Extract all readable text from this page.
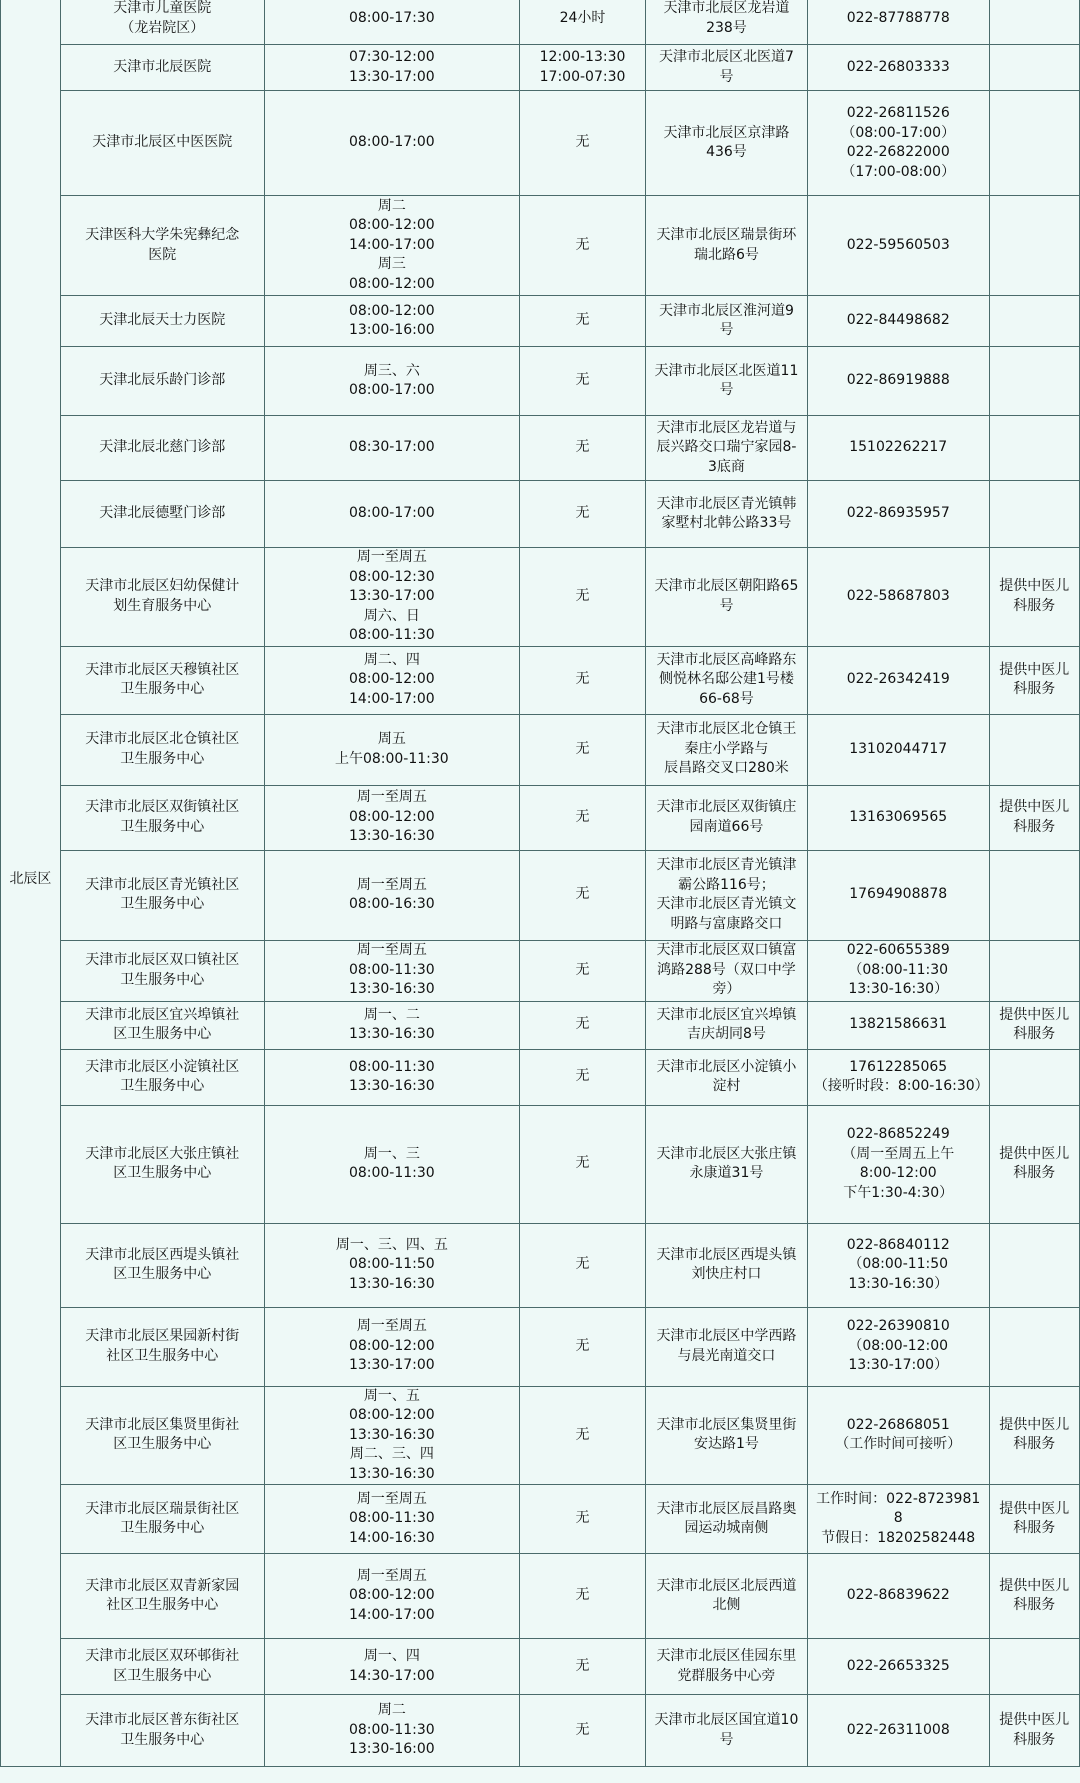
北辰区	天津市儿童医院
（龙岩院区）	08:00-17:30	24小时	天津市北辰区龙岩道
238号	022-87788778	
	天津市北辰医院	07:30-12:00
13:30-17:00	12:00-13:30
17:00-07:30	天津市北辰区北医道7
号	022-26803333	
	天津市北辰区中医医院	08:00-17:00	无	天津市北辰区京津路
436号	022-26811526
（08:00-17:00）
022-26822000
（17:00-08:00）	
	天津医科大学朱宪彝纪念
医院	周二
08:00-12:00
14:00-17:00
周三
08:00-12:00	无	天津市北辰区瑞景街环
瑞北路6号	022-59560503	
	天津北辰天士力医院	08:00-12:00
13:00-16:00	无	天津市北辰区淮河道9
号	022-84498682	
	天津北辰乐龄门诊部	周三、六
08:00-17:00	无	天津市北辰区北医道11
号	022-86919888	
	天津北辰北慈门诊部	08:30-17:00	无	天津市北辰区龙岩道与
辰兴路交口瑞宁家园8-
3底商	15102262217	
	天津北辰德墅门诊部	08:00-17:00	无	天津市北辰区青光镇韩
家墅村北韩公路33号	022-86935957	
	天津市北辰区妇幼保健计
划生育服务中心	周一至周五
08:00-12:30
13:30-17:00
周六、日
08:00-11:30	无	天津市北辰区朝阳路65
号	022-58687803	提供中医儿
科服务
	天津市北辰区天穆镇社区
卫生服务中心	周二、四
08:00-12:00
14:00-17:00	无	天津市北辰区高峰路东
侧悦林名邸公建1号楼
66-68号	022-26342419	提供中医儿
科服务
	天津市北辰区北仓镇社区
卫生服务中心	周五
上午08:00-11:30	无	天津市北辰区北仓镇王
秦庄小学路与
辰昌路交叉口280米	13102044717	
	天津市北辰区双街镇社区
卫生服务中心	周一至周五
08:00-12:00
13:30-16:30	无	天津市北辰区双街镇庄
园南道66号	13163069565	提供中医儿
科服务
	天津市北辰区青光镇社区
卫生服务中心	周一至周五
08:00-16:30	无	天津市北辰区青光镇津
霸公路116号；
天津市北辰区青光镇文
明路与富康路交口	17694908878	
	天津市北辰区双口镇社区
卫生服务中心	周一至周五
08:00-11:30
13:30-16:30	无	天津市北辰区双口镇富
鸿路288号（双口中学
旁）	022-60655389
（08:00-11:30
13:30-16:30）	
	天津市北辰区宜兴埠镇社
区卫生服务中心	周一、二
13:30-16:30	无	天津市北辰区宜兴埠镇
吉庆胡同8号	13821586631	提供中医儿
科服务
	天津市北辰区小淀镇社区
卫生服务中心	08:00-11:30
13:30-16:30	无	天津市北辰区小淀镇小
淀村	17612285065
（接听时段：8:00-16:30）	
	天津市北辰区大张庄镇社
区卫生服务中心	周一、三
08:00-11:30	无	天津市北辰区大张庄镇
永康道31号	022-86852249
（周一至周五上午
8:00-12:00
下午1:30-4:30）	提供中医儿
科服务
	天津市北辰区西堤头镇社
区卫生服务中心	周一、三、四、五
08:00-11:50
13:30-16:30	无	天津市北辰区西堤头镇
刘快庄村口	022-86840112
（08:00-11:50
13:30-16:30）	
	天津市北辰区果园新村街
社区卫生服务中心	周一至周五
08:00-12:00
13:30-17:00	无	天津市北辰区中学西路
与晨光南道交口	022-26390810
（08:00-12:00
13:30-17:00）	
	天津市北辰区集贤里街社
区卫生服务中心	周一、五
08:00-12:00
13:30-16:30
周二、三、四
13:30-16:30	无	天津市北辰区集贤里街
安达路1号	022-26868051
（工作时间可接听）	提供中医儿
科服务
	天津市北辰区瑞景街社区
卫生服务中心	周一至周五
08:00-11:30
14:00-16:30	无	天津市北辰区辰昌路奥
园运动城南侧	工作时间：022-87239818
节假日：18202582448	提供中医儿
科服务
	天津市北辰区双青新家园
社区卫生服务中心	周一至周五
08:00-12:00
14:00-17:00	无	天津市北辰区北辰西道
北侧	022-86839622	提供中医儿
科服务
	天津市北辰区双环邨街社
区卫生服务中心	周一、四
14:30-17:00	无	天津市北辰区佳园东里
党群服务中心旁	022-26653325	
	天津市北辰区普东街社区
卫生服务中心	周二
08:00-11:30
13:30-16:00	无	天津市北辰区国宜道10
号	022-26311008	提供中医儿
科服务
